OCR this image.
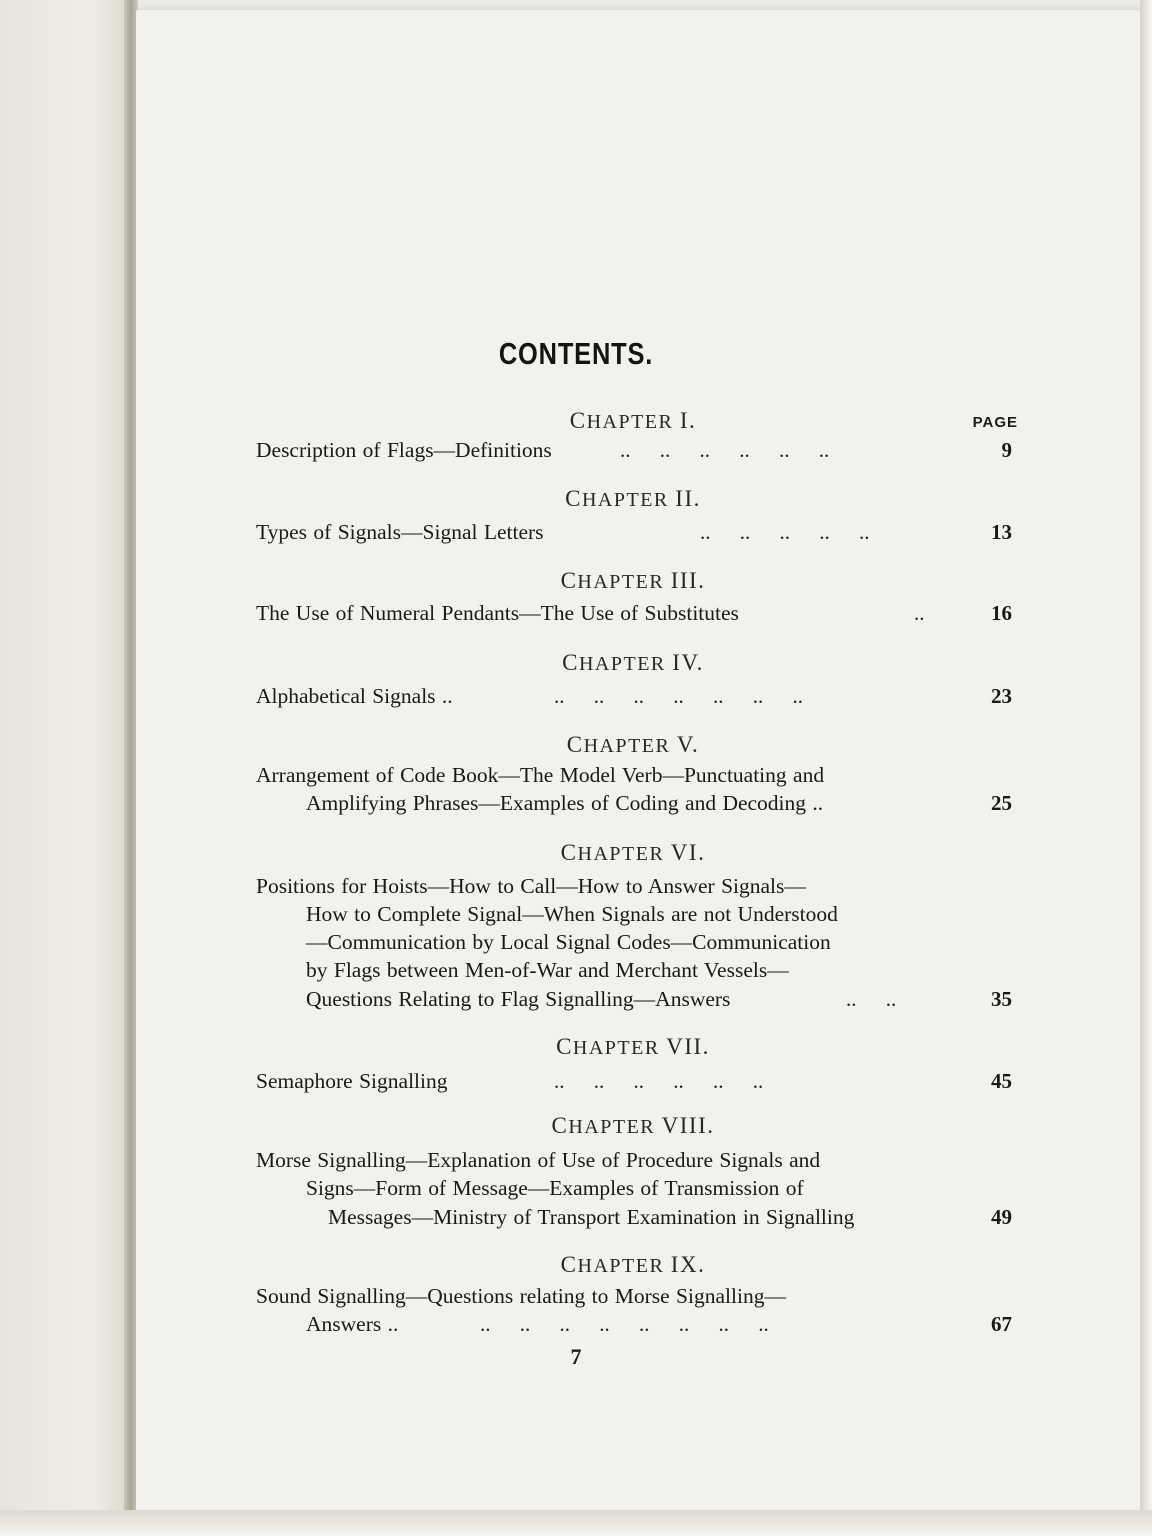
CONTENTS.
PAGE
CHAPTER I.
Description of Flags—Definitions	.. .. .. .. .. ..	9
CHAPTER II.
Types of Signals—Signal Letters	.. .. .. .. ..	13
CHAPTER III.
The Use of Numeral Pendants—The Use of Substitutes	..	16
CHAPTER IV.
Alphabetical Signals ..	.. .. .. .. .. .. ..	23
CHAPTER V.
Arrangement of Code Book—The Model Verb—Punctuating and
Amplifying Phrases—Examples of Coding and Decoding ..	25
CHAPTER VI.
Positions for Hoists—How to Call—How to Answer Signals—
How to Complete Signal—When Signals are not Understood
—Communication by Local Signal Codes—Communication
by Flags between Men-of-War and Merchant Vessels—
Questions Relating to Flag Signalling—Answers	.. ..	35
CHAPTER VII.
Semaphore Signalling	.. .. .. .. .. ..	45
CHAPTER VIII.
Morse Signalling—Explanation of Use of Procedure Signals and
Signs—Form of Message—Examples of Transmission of
Messages—Ministry of Transport Examination in Signalling	49
CHAPTER IX.
Sound Signalling—Questions relating to Morse Signalling—
Answers ..	.. .. .. .. .. .. .. ..	67
7
